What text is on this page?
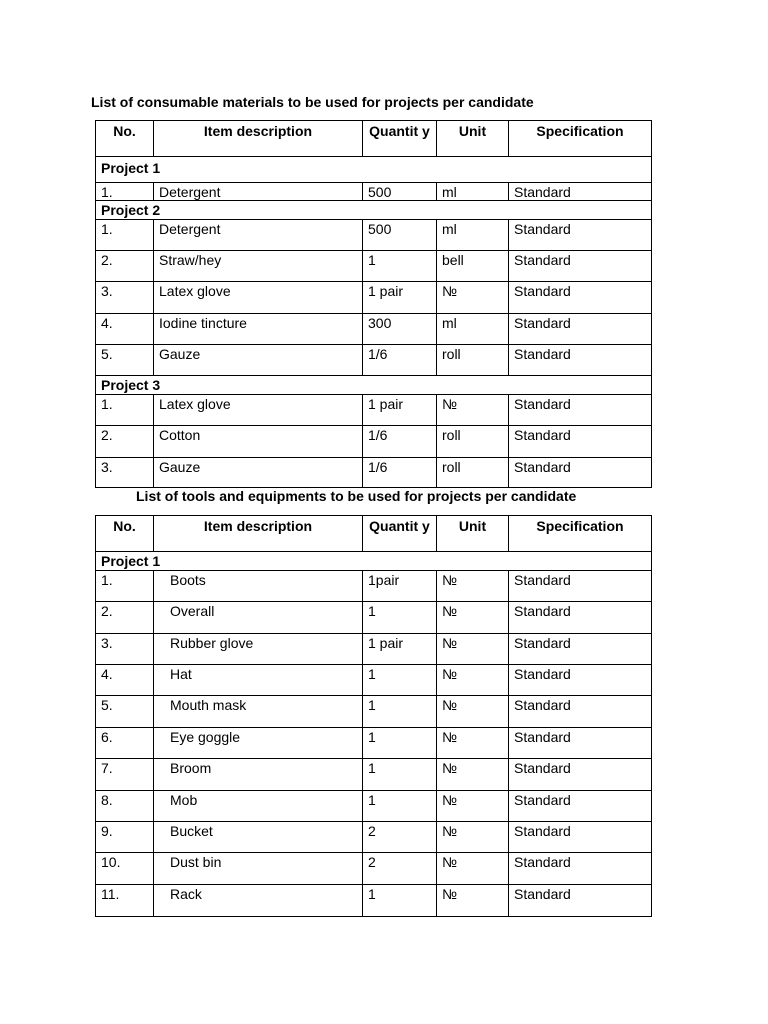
List of consumable materials to be used for projects per candidate
No.	Item description	Quantit y	Unit	Specification
Project 1				
1.	Detergent	500	ml	Standard
Project 2				
1.	Detergent	500	ml	Standard
2.	Straw/hey	1	bell	Standard
3.	Latex glove	1 pair	№	Standard
4.	Iodine tincture	300	ml	Standard
5.	Gauze	1/6	roll	Standard
Project 3				
1.	Latex glove	1 pair	№	Standard
2.	Cotton	1/6	roll	Standard
3.	Gauze	1/6	roll	Standard
List of tools and equipments to be used for projects per candidate
No.	Item description	Quantit y	Unit	Specification
Project 1				
1.	Boots	1pair	№	Standard
2.	Overall	1	№	Standard
3.	Rubber glove	1 pair	№	Standard
4.	Hat	1	№	Standard
5.	Mouth mask	1	№	Standard
6.	Eye goggle	1	№	Standard
7.	Broom	1	№	Standard
8.	Mob	1	№	Standard
9.	Bucket	2	№	Standard
10.	Dust bin	2	№	Standard
11.	Rack	1	№	Standard
